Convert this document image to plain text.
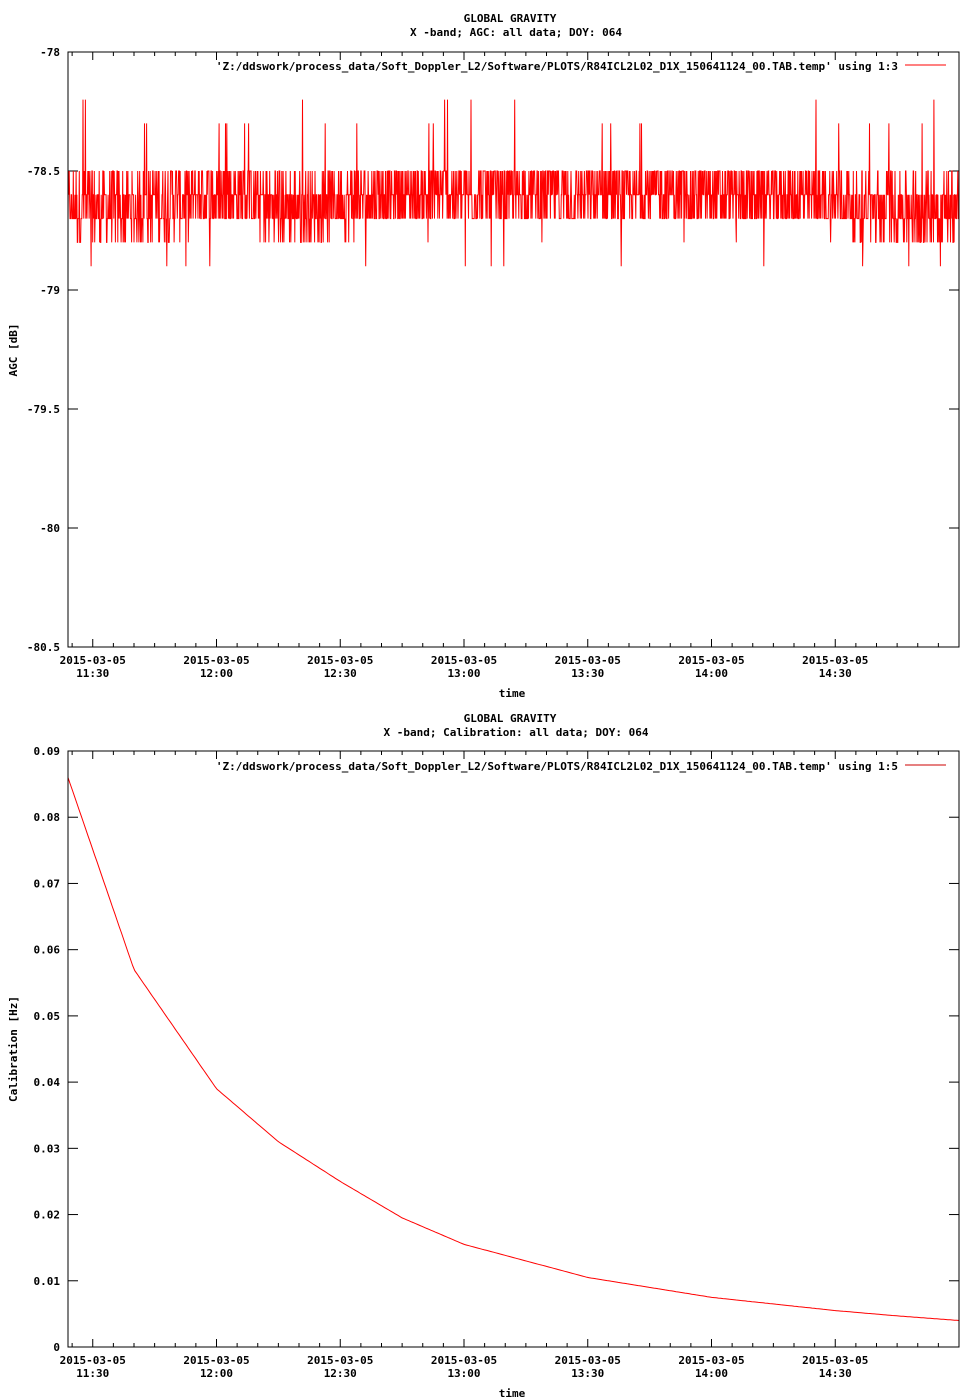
GLOBAL GRAVITY
X -band; AGC: all data; DOY: 064
-78
-78.5
-79
-79.5
-80
-80.5
2015-03-05
11:30
2015-03-05
12:00
2015-03-05
12:30
2015-03-05
13:00
2015-03-05
13:30
2015-03-05
14:00
2015-03-05
14:30
time
AGC [dB]
'Z:/ddswork/process_data/Soft_Doppler_L2/Software/PLOTS/R84ICL2L02_D1X_150641124_00.TAB.temp' using 1:3
GLOBAL GRAVITY
X -band; Calibration: all data; DOY: 064
0
0.01
0.02
0.03
0.04
0.05
0.06
0.07
0.08
0.09
2015-03-05
11:30
2015-03-05
12:00
2015-03-05
12:30
2015-03-05
13:00
2015-03-05
13:30
2015-03-05
14:00
2015-03-05
14:30
time
Calibration [Hz]
'Z:/ddswork/process_data/Soft_Doppler_L2/Software/PLOTS/R84ICL2L02_D1X_150641124_00.TAB.temp' using 1:5
